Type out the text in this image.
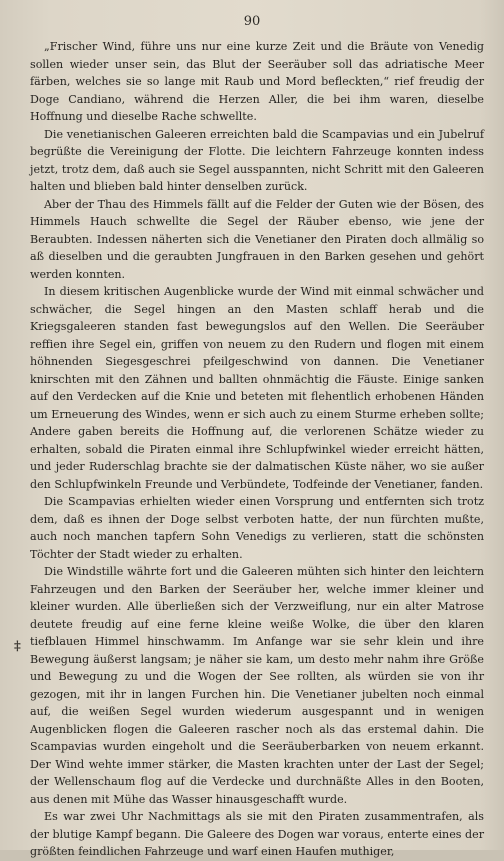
90
‡

„Frischer Wind, führe uns nur eine kurze Zeit und die Bräute von Venedig sollen wieder unser sein, das Blut der Seeräuber soll das adriatische Meer färben, welches sie so lange mit Raub und Mord befleckten,“ rief freudig der Doge Candiano, während die Herzen Aller, die bei ihm waren, dieselbe Hoffnung und dieselbe Rache schwellte.

Die venetianischen Galeeren erreichten bald die Scampavias und ein Jubelruf begrüßte die Vereinigung der Flotte. Die leichtern Fahrzeuge konnten indess jetzt, trotz dem, daß auch sie Segel ausspannten, nicht Schritt mit den Galeeren halten und blieben bald hinter denselben zurück.

Aber der Thau des Himmels fällt auf die Felder der Guten wie der Bösen, des Himmels Hauch schwellte die Segel der Räuber ebenso, wie jene der Beraubten. Indessen näherten sich die Venetianer den Piraten doch allmälig so aß dieselben und die geraubten Jungfrauen in den Barken gesehen und gehört werden konnten.

In diesem kritischen Augenblicke wurde der Wind mit einmal schwächer und schwächer, die Segel hingen an den Masten schlaff herab und die Kriegsgaleeren standen fast bewegungslos auf den Wellen. Die Seeräuber reffien ihre Segel ein, griffen von neuem zu den Rudern und flogen mit einem höhnenden Siegesgeschrei pfeilgeschwind von dannen. Die Venetianer knirschten mit den Zähnen und ballten ohnmächtig die Fäuste. Einige sanken auf den Verdecken auf die Knie und beteten mit flehentlich erhobenen Händen um Erneuerung des Windes, wenn er sich auch zu einem Sturme erheben sollte; Andere gaben bereits die Hoffnung auf, die verlorenen Schätze wieder zu erhalten, sobald die Piraten einmal ihre Schlupfwinkel wieder erreicht hätten, und jeder Ruderschlag brachte sie der dalmatischen Küste näher, wo sie außer den Schlupfwinkeln Freunde und Verbündete, Todfeinde der Venetianer, fanden.

Die Scampavias erhielten wieder einen Vorsprung und entfernten sich trotz dem, daß es ihnen der Doge selbst verboten hatte, der nun fürchten mußte, auch noch manchen tapfern Sohn Venedigs zu verlieren, statt die schönsten Töchter der Stadt wieder zu erhalten.

Die Windstille währte fort und die Galeeren mühten sich hinter den leichtern Fahrzeugen und den Barken der Seeräuber her, welche immer kleiner und kleiner wurden. Alle überließen sich der Verzweiflung, nur ein alter Matrose deutete freudig auf eine ferne kleine weiße Wolke, die über den klaren tiefblauen Himmel hinschwamm. Im Anfange war sie sehr klein und ihre Bewegung äußerst langsam; je näher sie kam, um desto mehr nahm ihre Größe und Bewegung zu und die Wogen der See rollten, als würden sie von ihr gezogen, mit ihr in langen Furchen hin. Die Venetianer jubelten noch einmal auf, die weißen Segel wurden wiederum ausgespannt und in wenigen Augenblicken flogen die Galeeren rascher noch als das erstemal dahin. Die Scampavias wurden eingeholt und die Seeräuberbarken von neuem erkannt. Der Wind wehte immer stärker, die Masten krachten unter der Last der Segel; der Wellenschaum flog auf die Verdecke und durchnäßte Alles in den Booten, aus denen mit Mühe das Wasser hinausgeschafft wurde.

Es war zwei Uhr Nachmittags als sie mit den Piraten zusammentrafen, als der blutige Kampf begann. Die Galeere des Dogen war voraus, enterte eines der größten feindlichen Fahrzeuge und warf einen Haufen muthiger,
